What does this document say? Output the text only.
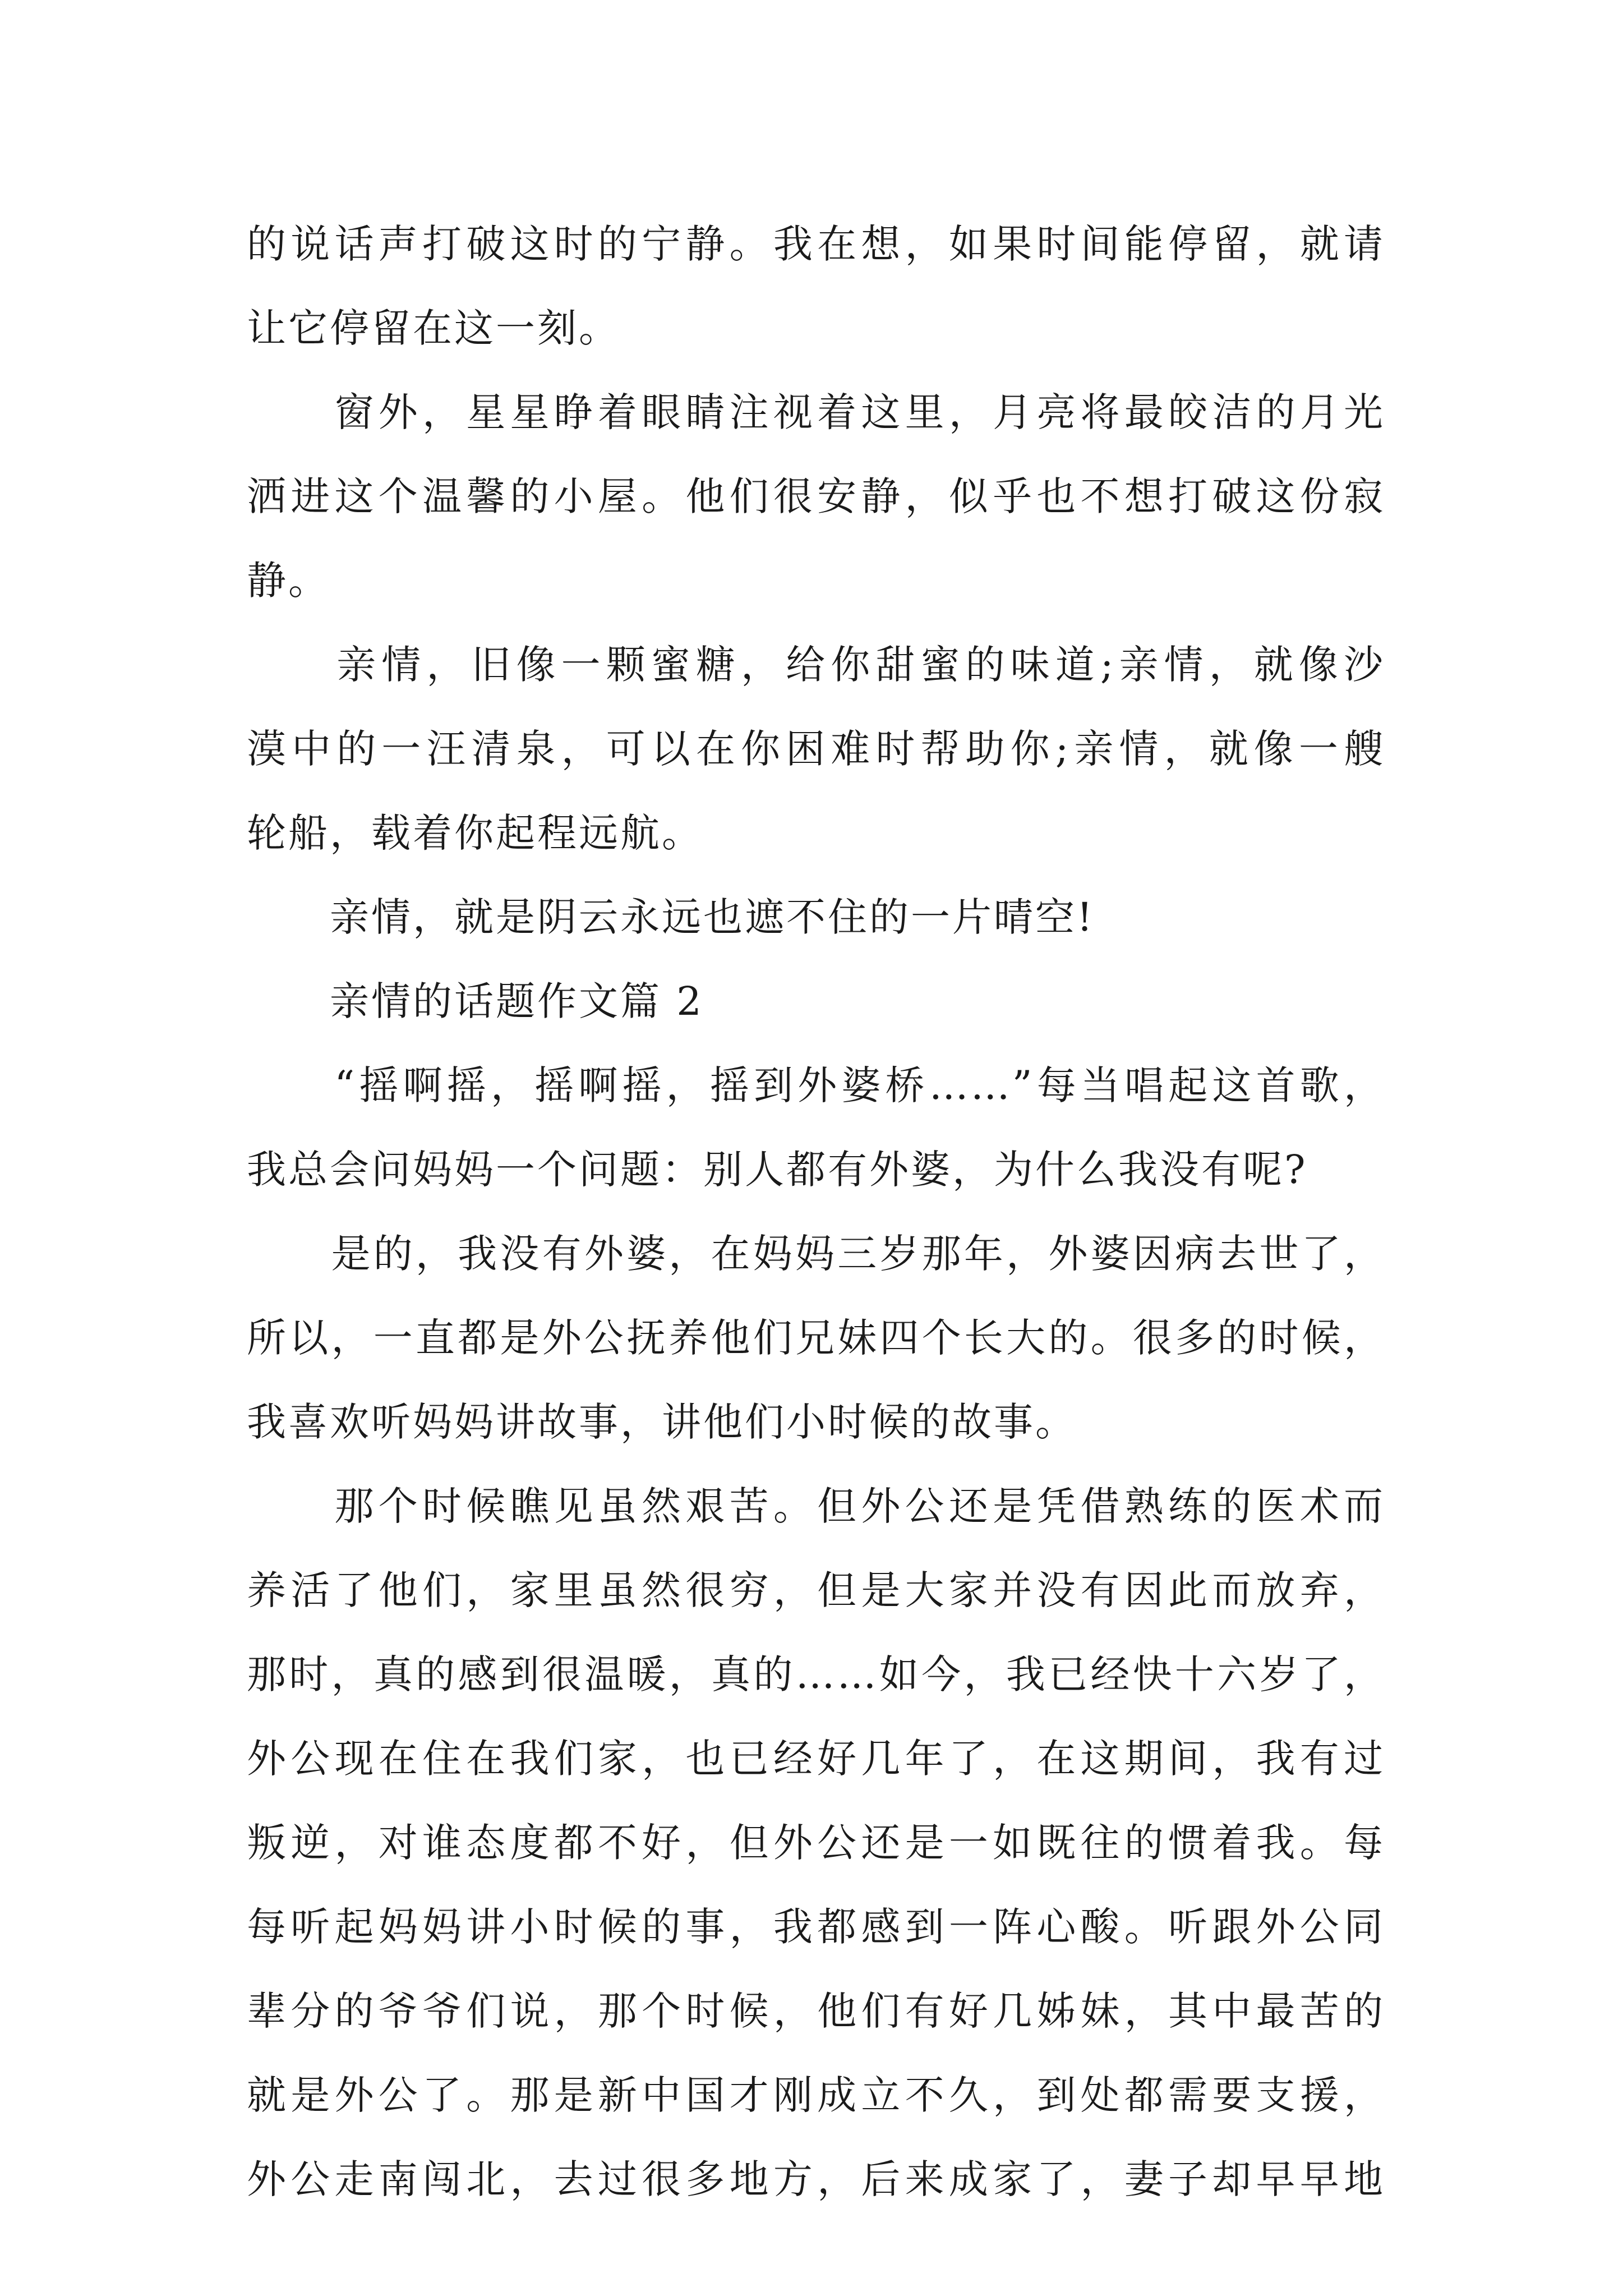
的说话声打破这时的宁静。我在想，如果时间能停留，就请
让它停留在这一刻。
　　窗外，星星睁着眼睛注视着这里，月亮将最皎洁的月光
洒进这个温馨的小屋。他们很安静，似乎也不想打破这份寂
静。
　　亲情，旧像一颗蜜糖，给你甜蜜的味道;亲情，就像沙
漠中的一汪清泉，可以在你困难时帮助你;亲情，就像一艘
轮船，载着你起程远航。
　　亲情，就是阴云永远也遮不住的一片晴空!
　　亲情的话题作文篇 2
　　“摇啊摇，摇啊摇，摇到外婆桥……”每当唱起这首歌，
我总会问妈妈一个问题：别人都有外婆，为什么我没有呢?
　　是的，我没有外婆，在妈妈三岁那年，外婆因病去世了，
所以，一直都是外公抚养他们兄妹四个长大的。很多的时候，
我喜欢听妈妈讲故事，讲他们小时候的故事。
　　那个时候瞧见虽然艰苦。但外公还是凭借熟练的医术而
养活了他们，家里虽然很穷，但是大家并没有因此而放弃，
那时，真的感到很温暖，真的……如今，我已经快十六岁了，
外公现在住在我们家，也已经好几年了，在这期间，我有过
叛逆，对谁态度都不好，但外公还是一如既往的惯着我。每
每听起妈妈讲小时候的事，我都感到一阵心酸。听跟外公同
辈分的爷爷们说，那个时候，他们有好几姊妹，其中最苦的
就是外公了。那是新中国才刚成立不久，到处都需要支援，
外公走南闯北，去过很多地方，后来成家了，妻子却早早地
